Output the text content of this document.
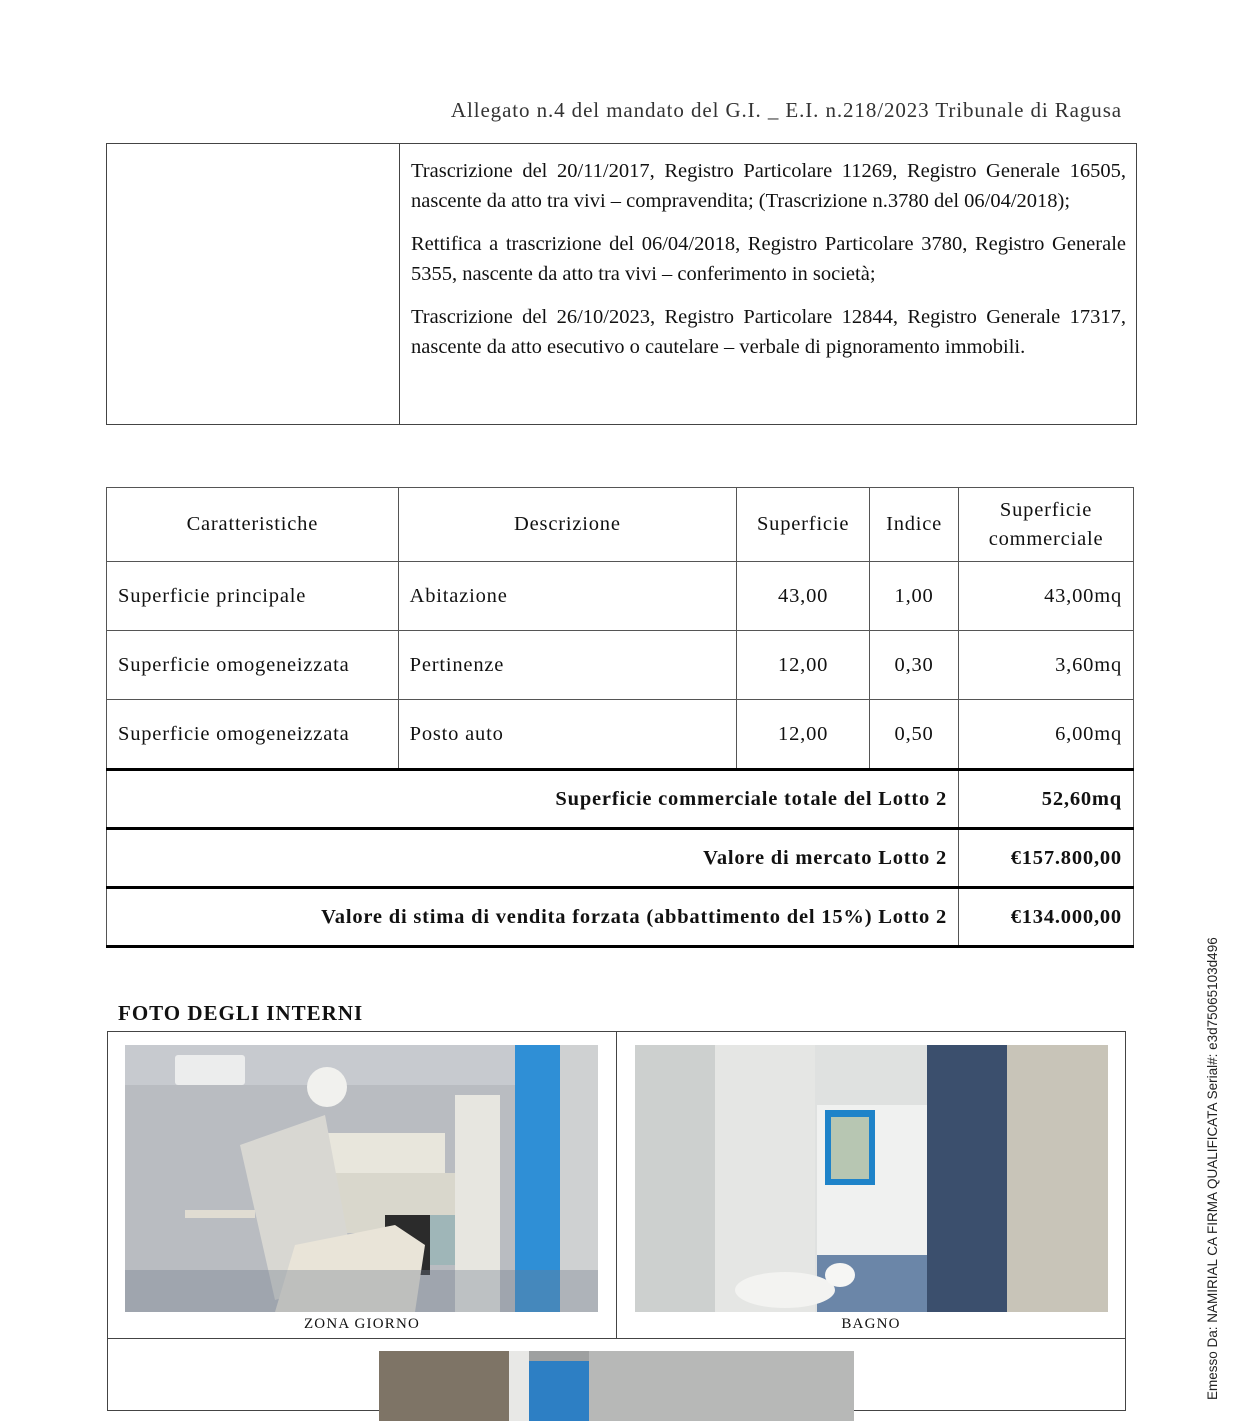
Allegato n.4 del mandato del G.I. _ E.I. n.218/2023 Tribunale di Ragusa

Trascrizione del 20/11/2017, Registro Particolare 11269, Registro Generale 16505, nascente da atto tra vivi – compravendita; (Trascrizione n.3780 del 06/04/2018);

Rettifica a trascrizione del 06/04/2018, Registro Particolare 3780, Registro Generale 5355, nascente da atto tra vivi – conferimento in società;

Trascrizione del 26/10/2023, Registro Particolare 12844, Registro Generale 17317, nascente da atto esecutivo o cautelare – verbale di pignoramento immobili.

Caratteristiche	Descrizione	Superficie	Indice	Superficie commerciale
Superficie principale	Abitazione	43,00	1,00	43,00mq
Superficie omogeneizzata	Pertinenze	12,00	0,30	3,60mq
Superficie omogeneizzata	Posto auto	12,00	0,50	6,00mq
Superficie commerciale totale del Lotto 2				52,60mq
Valore di mercato Lotto 2				€157.800,00
Valore di stima di vendita forzata (abbattimento del 15%) Lotto 2				€134.000,00
FOTO DEGLI INTERNI
ZONA GIORNO	BAGNO	Emesso Da: NAMIRIAL CA FIRMA QUALIFICATA Serial#: e3d75065103d496
